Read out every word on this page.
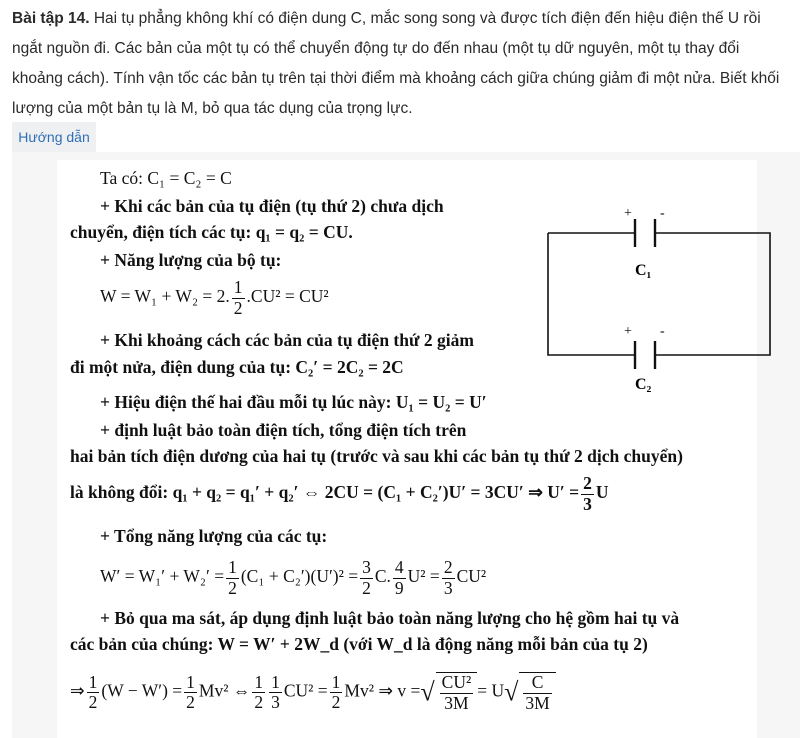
Bài tập 14. Hai tụ phẳng không khí có điện dung C, mắc song song và được tích điện đến hiệu điện thế U rồi ngắt nguồn đi. Các bản của một tụ có thể chuyển động tự do đến nhau (một tụ dữ nguyên, một tụ thay đổi khoảng cách). Tính vận tốc các bản tụ trên tại thời điểm mà khoảng cách giữa chúng giảm đi một nửa. Biết khối lượng của một bản tụ là M, bỏ qua tác dụng của trọng lực.
Hướng dẫn
Ta có: C₁ = C₂ = C
+ Khi các bản của tụ điện (tụ thứ 2) chưa dịch
chuyển, điện tích các tụ: q₁ = q₂ = CU.
+ Năng lượng của bộ tụ:
W = W₁ + W₂ = 2. $\frac{1}{2} .CU^2 = CU^2$
+ Khi khoảng cách các bản của tụ điện thứ 2 giảm
đi một nửa, điện dung của tụ: C₂′ = 2C₂ = 2C
+ Hiệu điện thế hai đầu mỗi tụ lúc này: U₁ = U₂ = U′
+ định luật bảo toàn điện tích, tổng điện tích trên
hai bản tích điện dương của hai tụ (trước và sau khi các bản tụ thứ 2 dịch chuyển)
là không đổi: q₁ + q₂ = q₁′ + q₂′ ⇔ 2CU = (C₁ + C₂′)U′ = 3CU′ ⇒ $U' = \frac{2}{3}$ U
+ Tổng năng lượng của các tụ:
$W' = W_1' + W_2' = \frac{1}{2} (C_1 + C_2')(U')^2 = \frac{3}{2} C$. $\frac{4}{9} U^2 = \frac{2}{3} CU^2$
+ Bỏ qua ma sát, áp dụng định luật bảo toàn năng lượng cho hệ gồm hai tụ và
các bản của chúng: W = W′ + 2W_d (với W_d là động năng mỗi bản của tụ 2)
⇒ $\frac{1}{2} (W - W') = \frac{1}{2} Mv^2$ ⇔ $\frac{1}{2} \frac{1}{3} CU^2 = \frac{1}{2} Mv^2$ ⇒ v =√ $\frac{\text{CU²}}{3M} = U√ \frac{C}{3M}$
+ -
C₁
+ -
C₂
